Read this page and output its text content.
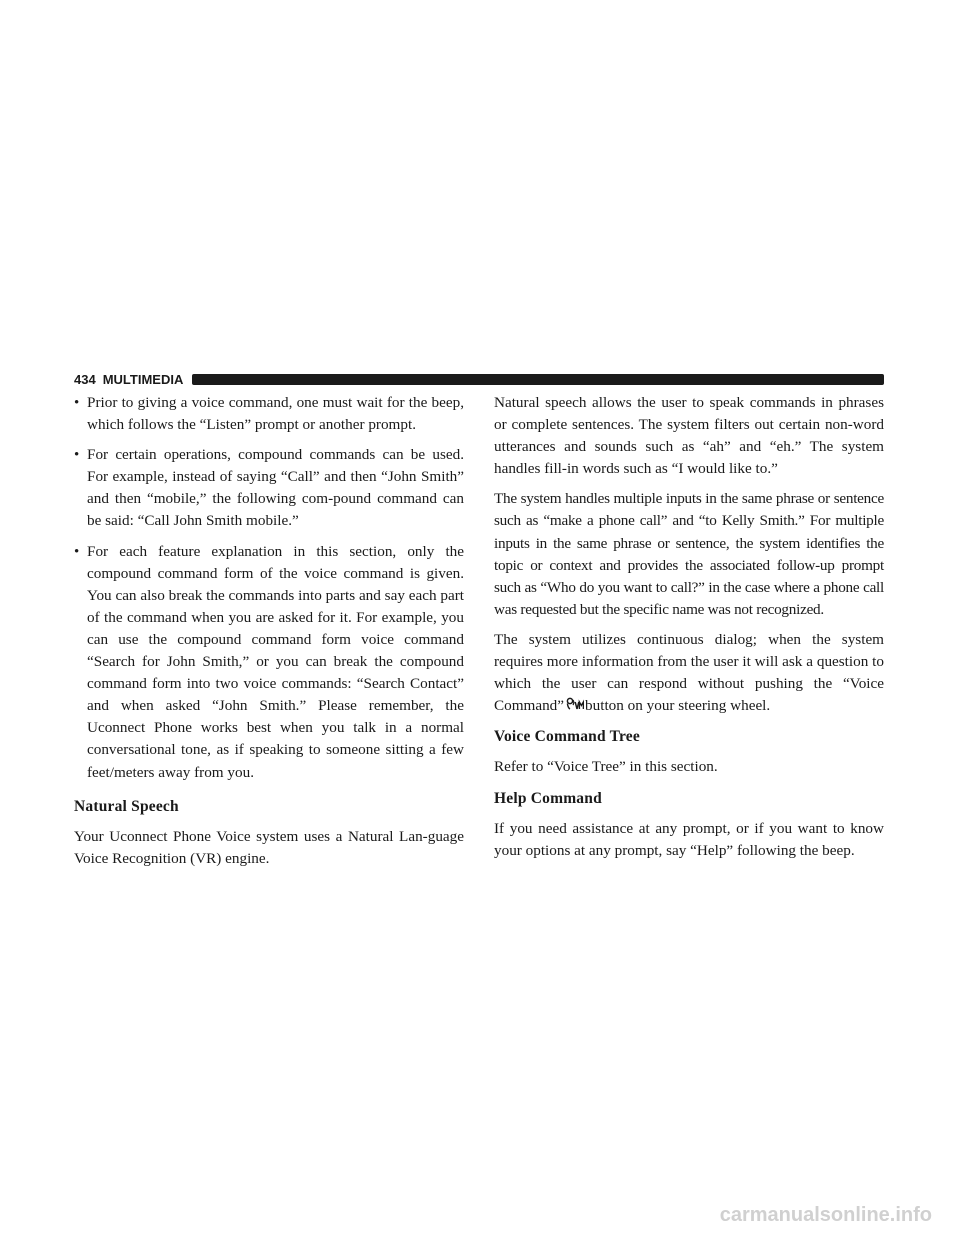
434 MULTIMEDIA
• Prior to giving a voice command, one must wait for the beep, which follows the “Listen” prompt or another prompt.
• For certain operations, compound commands can be used. For example, instead of saying “Call” and then “John Smith” and then “mobile,” the following com-pound command can be said: “Call John Smith mobile.”
• For each feature explanation in this section, only the compound command form of the voice command is given. You can also break the commands into parts and say each part of the command when you are asked for it. For example, you can use the compound command form voice command “Search for John Smith,” or you can break the compound command form into two voice commands: “Search Contact” and when asked “John Smith.” Please remember, the Uconnect Phone works best when you talk in a normal conversational tone, as if speaking to someone sitting a few feet/meters away from you.
Natural Speech

Your Uconnect Phone Voice system uses a Natural Lan-guage Voice Recognition (VR) engine.

Natural speech allows the user to speak commands in phrases or complete sentences. The system filters out certain non-word utterances and sounds such as “ah” and “eh.” The system handles fill-in words such as “I would like to.”

The system handles multiple inputs in the same phrase or sentence such as “make a phone call” and “to Kelly Smith.” For multiple inputs in the same phrase or sentence, the system identifies the topic or context and provides the associated follow-up prompt such as “Who do you want to call?” in the case where a phone call was requested but the specific name was not recognized.

The system utilizes continuous dialog; when the system requires more information from the user it will ask a question to which the user can respond without pushing the “Voice Command” button on your steering wheel.

Voice Command Tree

Refer to “Voice Tree” in this section.

Help Command

If you need assistance at any prompt, or if you want to know your options at any prompt, say “Help” following the beep.

carmanualsonline.info
